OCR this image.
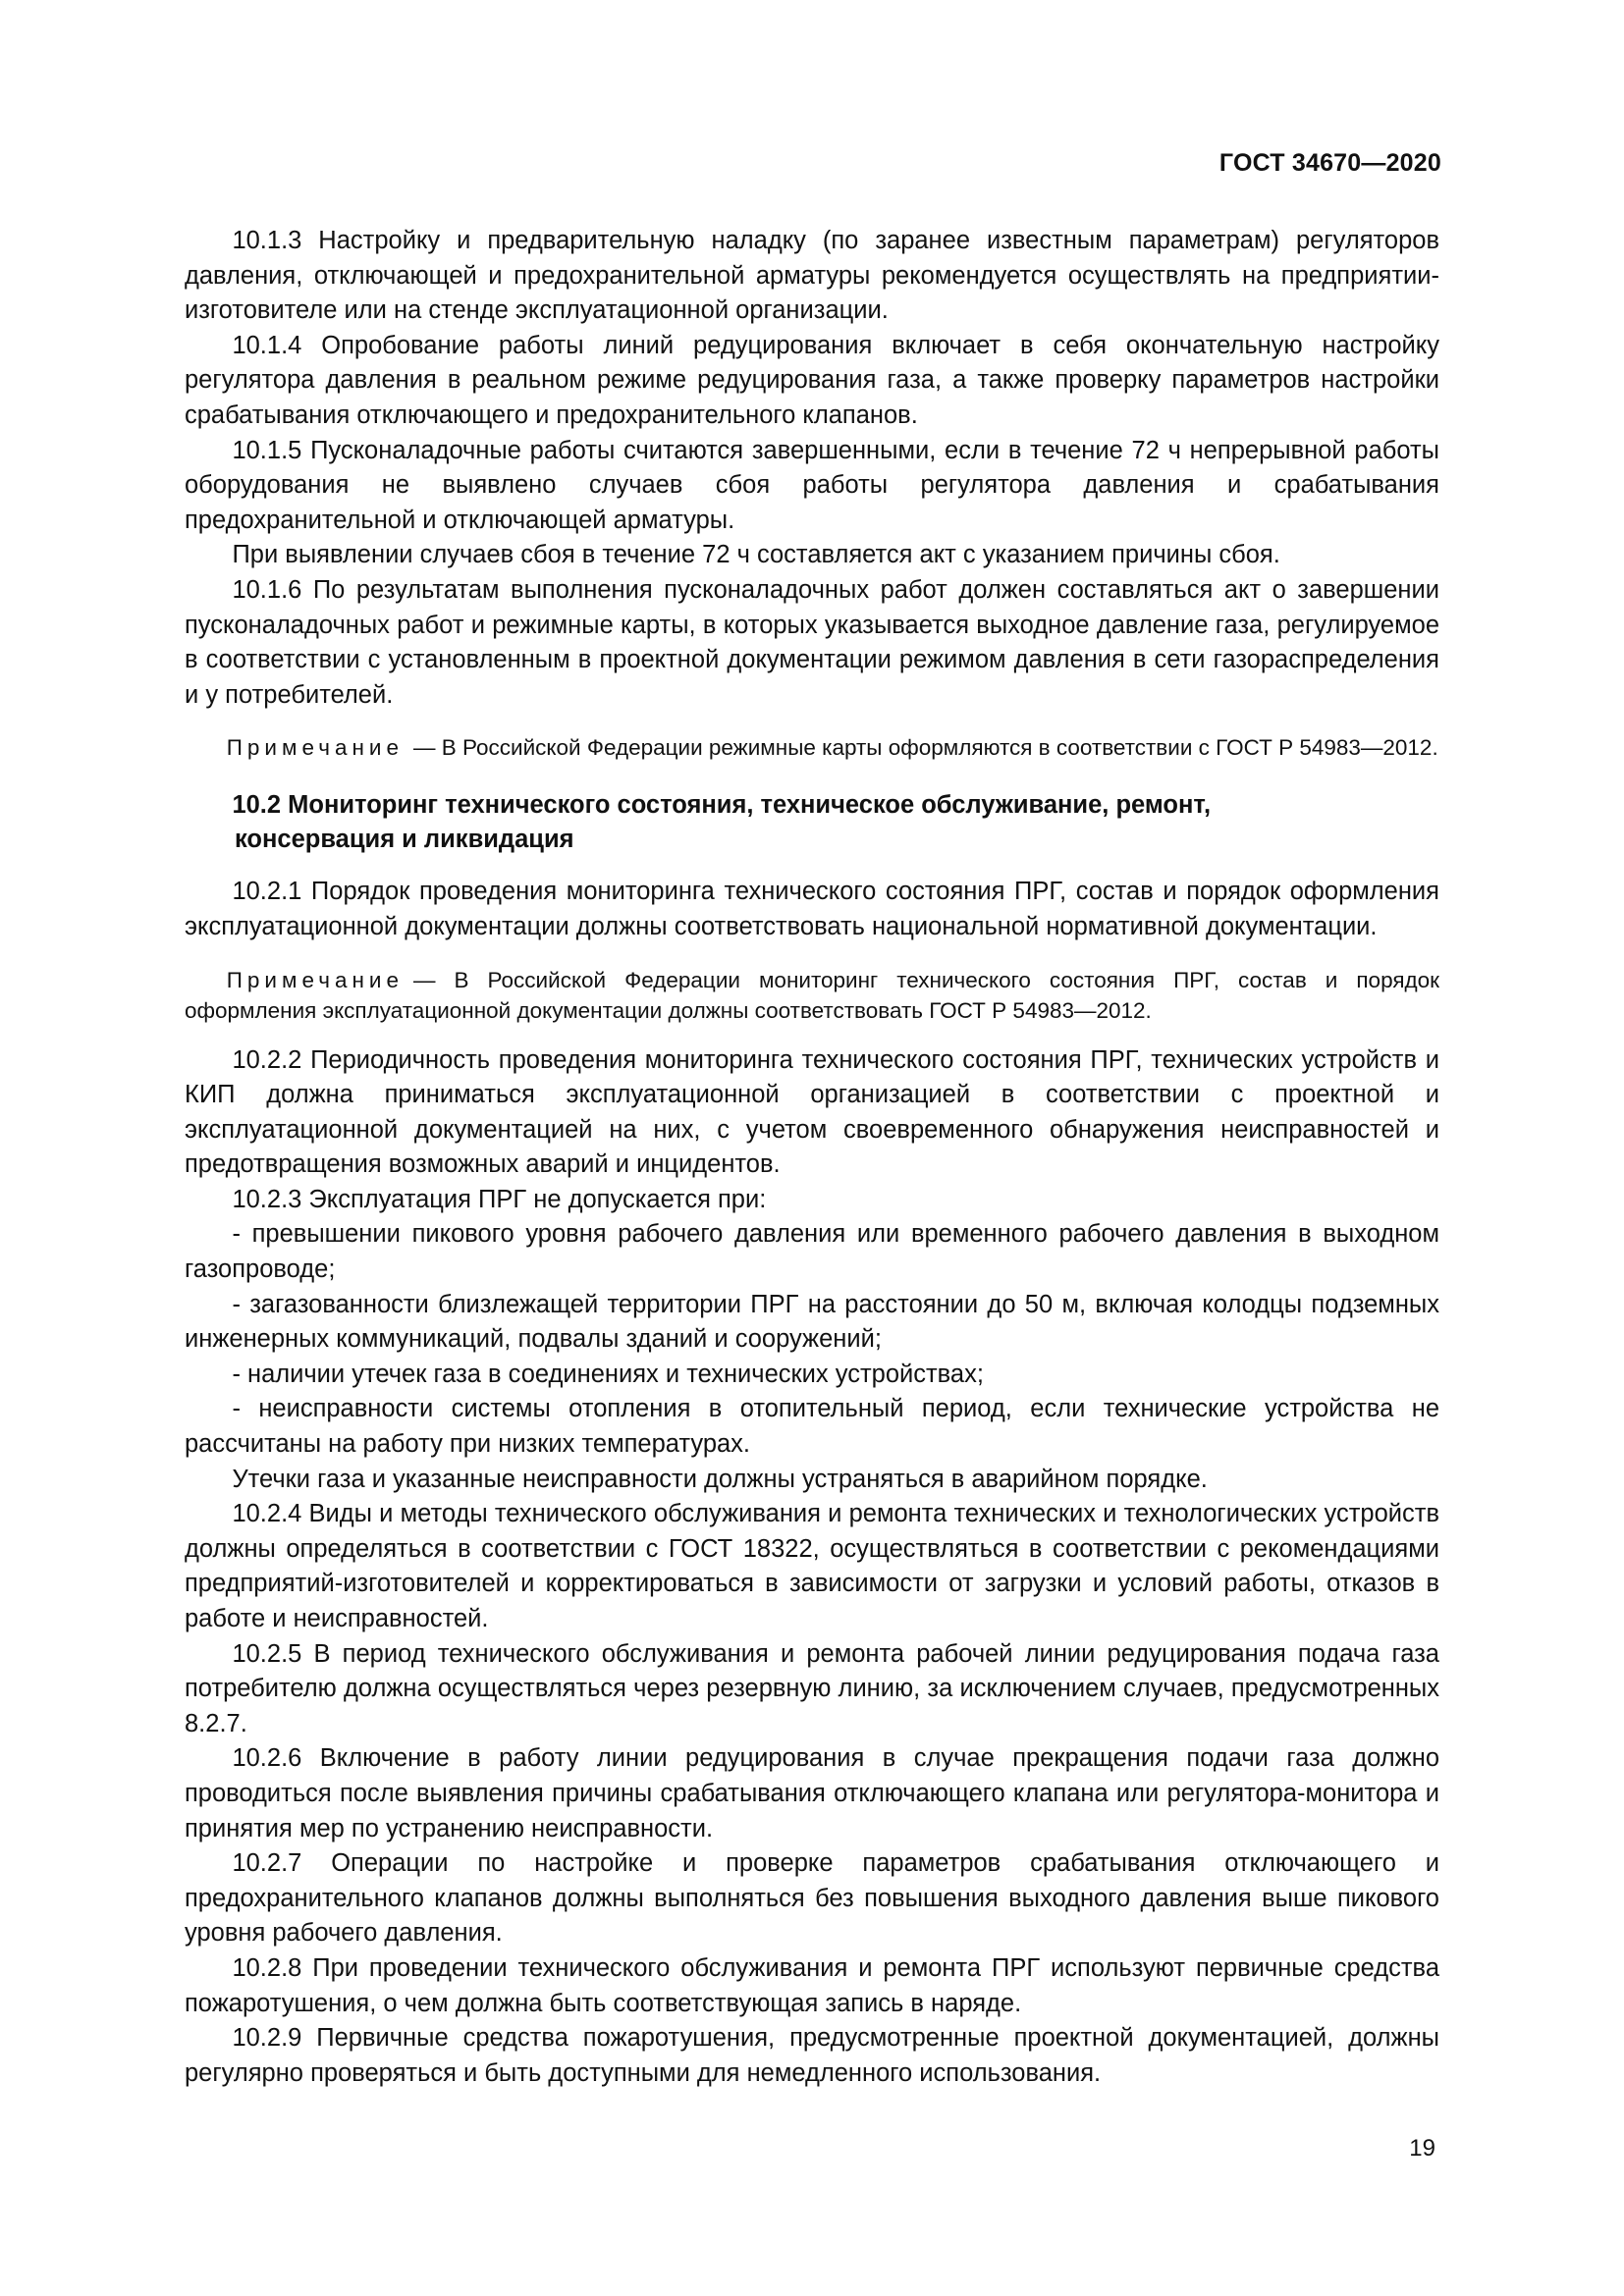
ГОСТ 34670—2020

10.1.3 Настройку и предварительную наладку (по заранее известным параметрам) регуляторов давления, отключающей и предохранительной арматуры рекомендуется осуществлять на предприятии-изготовителе или на стенде эксплуатационной организации.

10.1.4 Опробование работы линий редуцирования включает в себя окончательную настройку регулятора давления в реальном режиме редуцирования газа, а также проверку параметров настройки срабатывания отключающего и предохранительного клапанов.

10.1.5 Пусконаладочные работы считаются завершенными, если в течение 72 ч непрерывной работы оборудования не выявлено случаев сбоя работы регулятора давления и срабатывания предохранительной и отключающей арматуры.

При выявлении случаев сбоя в течение 72 ч составляется акт с указанием причины сбоя.

10.1.6 По результатам выполнения пусконаладочных работ должен составляться акт о завершении пусконаладочных работ и режимные карты, в которых указывается выходное давление газа, регулируемое в соответствии с установленным в проектной документации режимом давления в сети газораспределения и у потребителей.

Примечание — В Российской Федерации режимные карты оформляются в соответствии с ГОСТ Р 54983—2012.

10.2 Мониторинг технического состояния, техническое обслуживание, ремонт,
консервация и ликвидация

10.2.1 Порядок проведения мониторинга технического состояния ПРГ, состав и порядок оформления эксплуатационной документации должны соответствовать национальной нормативной документации.

Примечание — В Российской Федерации мониторинг технического состояния ПРГ, состав и порядок оформления эксплуатационной документации должны соответствовать ГОСТ Р 54983—2012.

10.2.2 Периодичность проведения мониторинга технического состояния ПРГ, технических устройств и КИП должна приниматься эксплуатационной организацией в соответствии с проектной и эксплуатационной документацией на них, с учетом своевременного обнаружения неисправностей и предотвращения возможных аварий и инцидентов.

10.2.3 Эксплуатация ПРГ не допускается при:

- превышении пикового уровня рабочего давления или временного рабочего давления в выходном газопроводе;

- загазованности близлежащей территории ПРГ на расстоянии до 50 м, включая колодцы подземных инженерных коммуникаций, подвалы зданий и сооружений;

- наличии утечек газа в соединениях и технических устройствах;

- неисправности системы отопления в отопительный период, если технические устройства не рассчитаны на работу при низких температурах.

Утечки газа и указанные неисправности должны устраняться в аварийном порядке.

10.2.4 Виды и методы технического обслуживания и ремонта технических и технологических устройств должны определяться в соответствии с ГОСТ 18322, осуществляться в соответствии с рекомендациями предприятий-изготовителей и корректироваться в зависимости от загрузки и условий работы, отказов в работе и неисправностей.

10.2.5 В период технического обслуживания и ремонта рабочей линии редуцирования подача газа потребителю должна осуществляться через резервную линию, за исключением случаев, предусмотренных 8.2.7.

10.2.6 Включение в работу линии редуцирования в случае прекращения подачи газа должно проводиться после выявления причины срабатывания отключающего клапана или регулятора-монитора и принятия мер по устранению неисправности.

10.2.7 Операции по настройке и проверке параметров срабатывания отключающего и предохранительного клапанов должны выполняться без повышения выходного давления выше пикового уровня рабочего давления.

10.2.8 При проведении технического обслуживания и ремонта ПРГ используют первичные средства пожаротушения, о чем должна быть соответствующая запись в наряде.

10.2.9 Первичные средства пожаротушения, предусмотренные проектной документацией, должны регулярно проверяться и быть доступными для немедленного использования.

19
